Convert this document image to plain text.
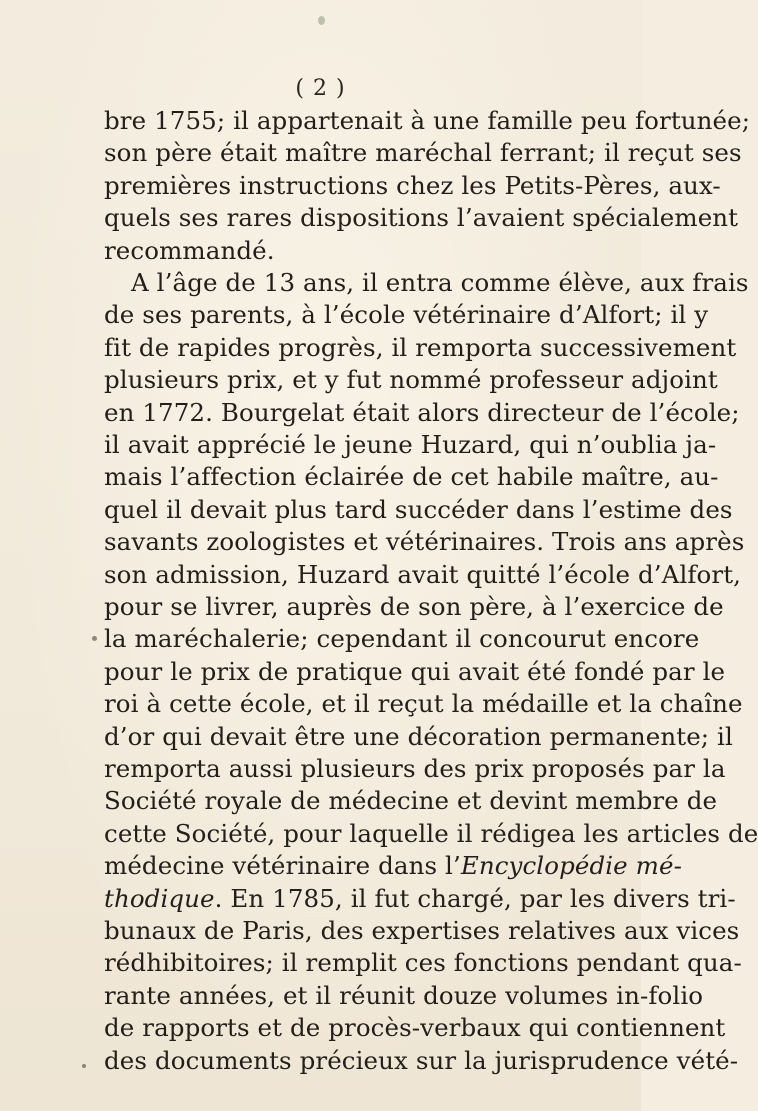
( 2 )
bre 1755; il appartenait à une famille peu fortunée;
son père était maître maréchal ferrant; il reçut ses
premières instructions chez les Petits-Pères, aux-
quels ses rares dispositions l’avaient spécialement
recommandé.
A l’âge de 13 ans, il entra comme élève, aux frais
de ses parents, à l’école vétérinaire d’Alfort; il y
fit de rapides progrès, il remporta successivement
plusieurs prix, et y fut nommé professeur adjoint
en 1772. Bourgelat était alors directeur de l’école;
il avait apprécié le jeune Huzard, qui n’oublia ja-
mais l’affection éclairée de cet habile maître, au-
quel il devait plus tard succéder dans l’estime des
savants zoologistes et vétérinaires. Trois ans après
son admission, Huzard avait quitté l’école d’Alfort,
pour se livrer, auprès de son père, à l’exercice de
la maréchalerie; cependant il concourut encore
pour le prix de pratique qui avait été fondé par le
roi à cette école, et il reçut la médaille et la chaîne
d’or qui devait être une décoration permanente; il
remporta aussi plusieurs des prix proposés par la
Société royale de médecine et devint membre de
cette Société, pour laquelle il rédigea les articles de
médecine vétérinaire dans l’Encyclopédie mé-
thodique. En 1785, il fut chargé, par les divers tri-
bunaux de Paris, des expertises relatives aux vices
rédhibitoires; il remplit ces fonctions pendant qua-
rante années, et il réunit douze volumes in-folio
de rapports et de procès-verbaux qui contiennent
des documents précieux sur la jurisprudence vété-
